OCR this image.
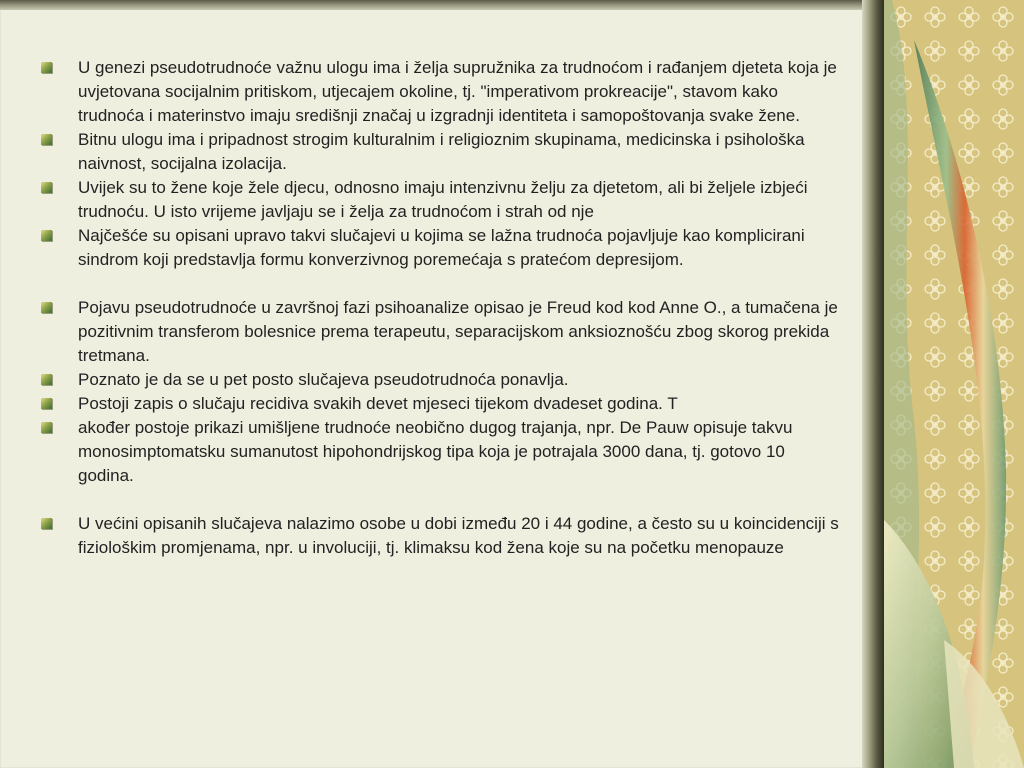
U genezi pseudotrudnoće važnu ulogu ima i želja supružnika za trudnoćom i rađanjem djeteta koja je uvjetovana socijalnim pritiskom, utjecajem okoline, tj. "imperativom prokreacije", stavom kako trudnoća i materinstvo imaju središnji značaj u izgradnji identiteta i samopoštovanja svake žene.
Bitnu ulogu ima i pripadnost strogim kulturalnim i religioznim skupinama, medicinska i psihološka naivnost, socijalna izolacija.
Uvijek su to žene koje žele djecu, odnosno imaju intenzivnu želju za djetetom, ali bi željele izbjeći trudnoću. U isto vrijeme javljaju se i želja za trudnoćom i strah od nje
Najčešće su opisani upravo takvi slučajevi u kojima se lažna trudnoća pojavljuje kao komplicirani sindrom koji predstavlja formu konverzivnog poremećaja s pratećom depresijom.
Pojavu pseudotrudnoće u završnoj fazi psihoanalize opisao je Freud kod kod Anne O., a tumačena je pozitivnim transferom bolesnice prema terapeutu, separacijskom anksioznošću zbog skorog prekida tretmana.
Poznato je da se u pet posto slučajeva pseudotrudnoća ponavlja.
Postoji zapis o slučaju recidiva svakih devet mjeseci tijekom dvadeset godina. T
akođer postoje prikazi umišljene trudnoće neobično dugog trajanja, npr. De Pauw opisuje takvu monosimptomatsku sumanutost hipohondrijskog tipa koja je potrajala 3000 dana, tj. gotovo 10 godina.
U većini opisanih slučajeva nalazimo osobe u dobi između 20 i 44 godine, a često su u koincidenciji s fiziološkim promjenama, npr. u involuciji, tj. klimaksu kod žena koje su na početku menopauze
